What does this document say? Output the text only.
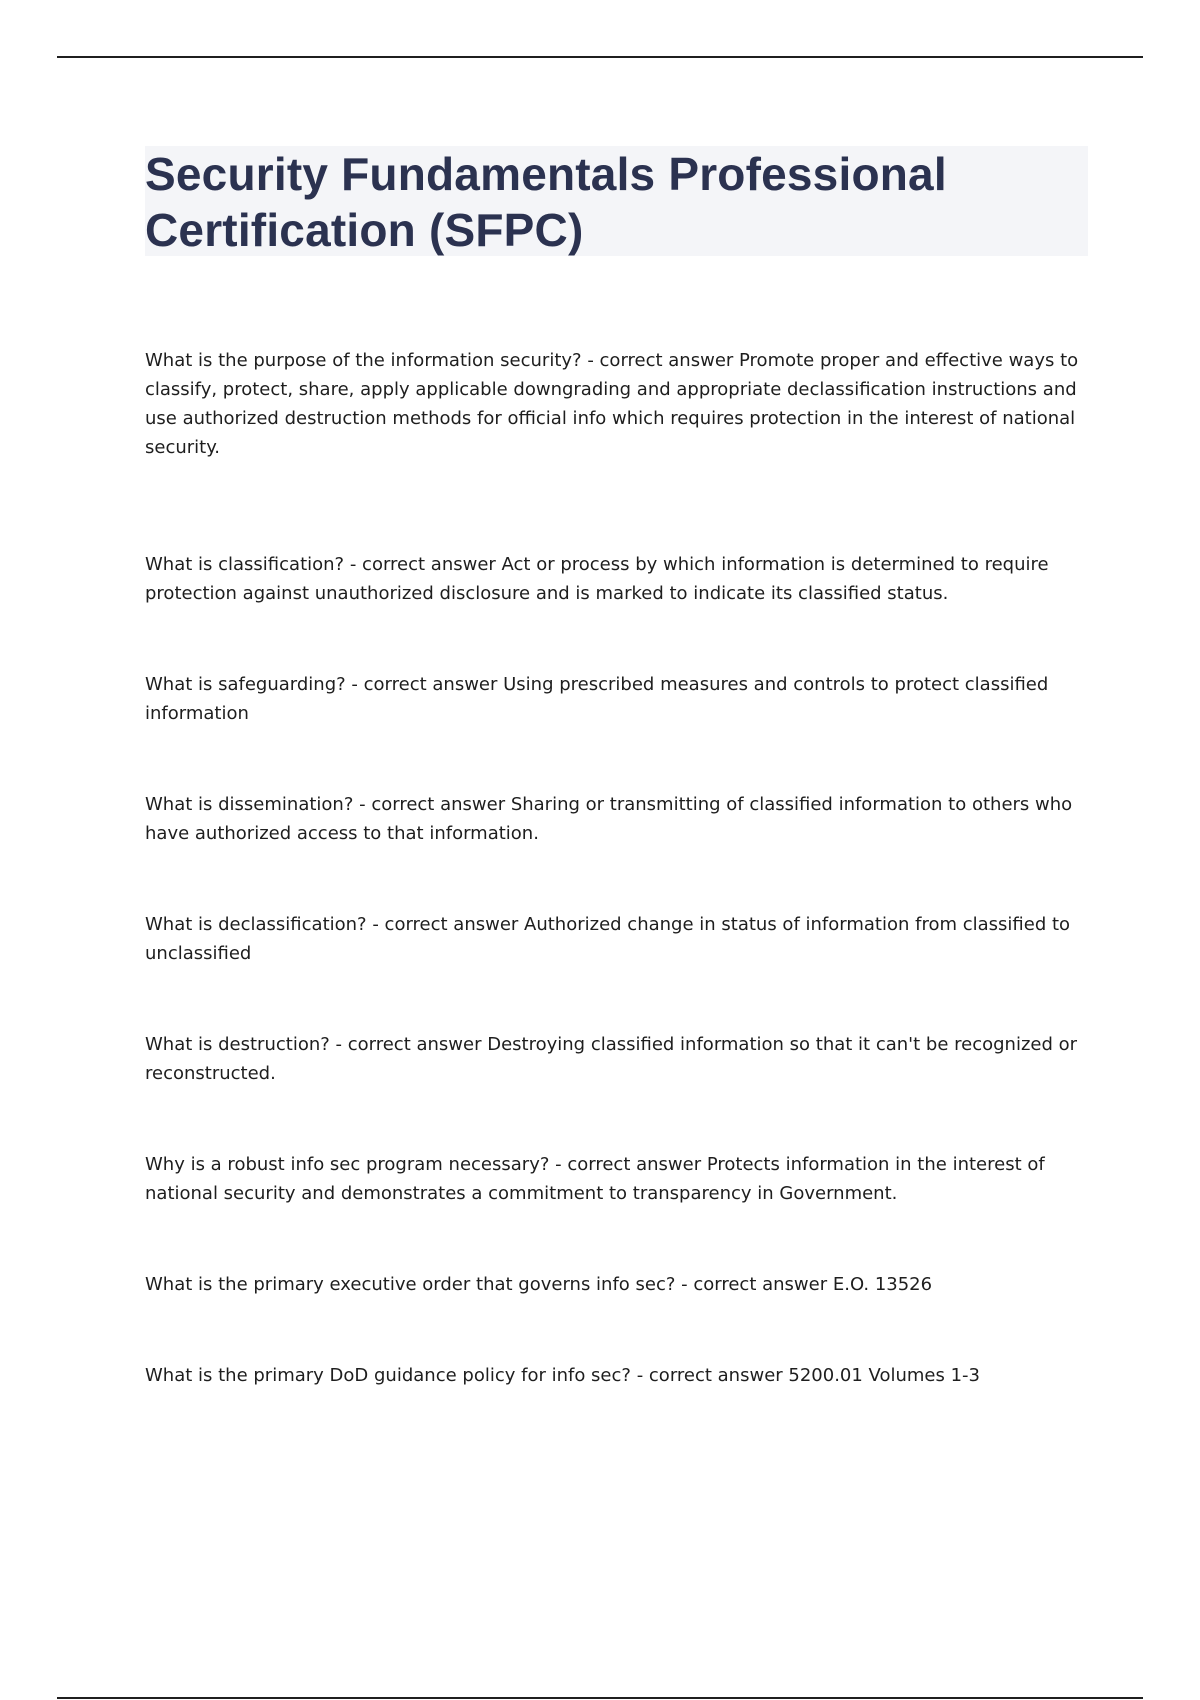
Security Fundamentals Professional
Certification (SFPC)

What is the purpose of the information security? - correct answer Promote proper and effective ways to classify, protect, share, apply applicable downgrading and appropriate declassification instructions and use authorized destruction methods for official info which requires protection in the interest of national security.

What is classification? - correct answer Act or process by which information is determined to require protection against unauthorized disclosure and is marked to indicate its classified status.

What is safeguarding? - correct answer Using prescribed measures and controls to protect classified information

What is dissemination? - correct answer Sharing or transmitting of classified information to others who have authorized access to that information.

What is declassification? - correct answer Authorized change in status of information from classified to unclassified

What is destruction? - correct answer Destroying classified information so that it can't be recognized or reconstructed.

Why is a robust info sec program necessary? - correct answer Protects information in the interest of national security and demonstrates a commitment to transparency in Government.

What is the primary executive order that governs info sec? - correct answer E.O. 13526

What is the primary DoD guidance policy for info sec? - correct answer 5200.01 Volumes 1-3
